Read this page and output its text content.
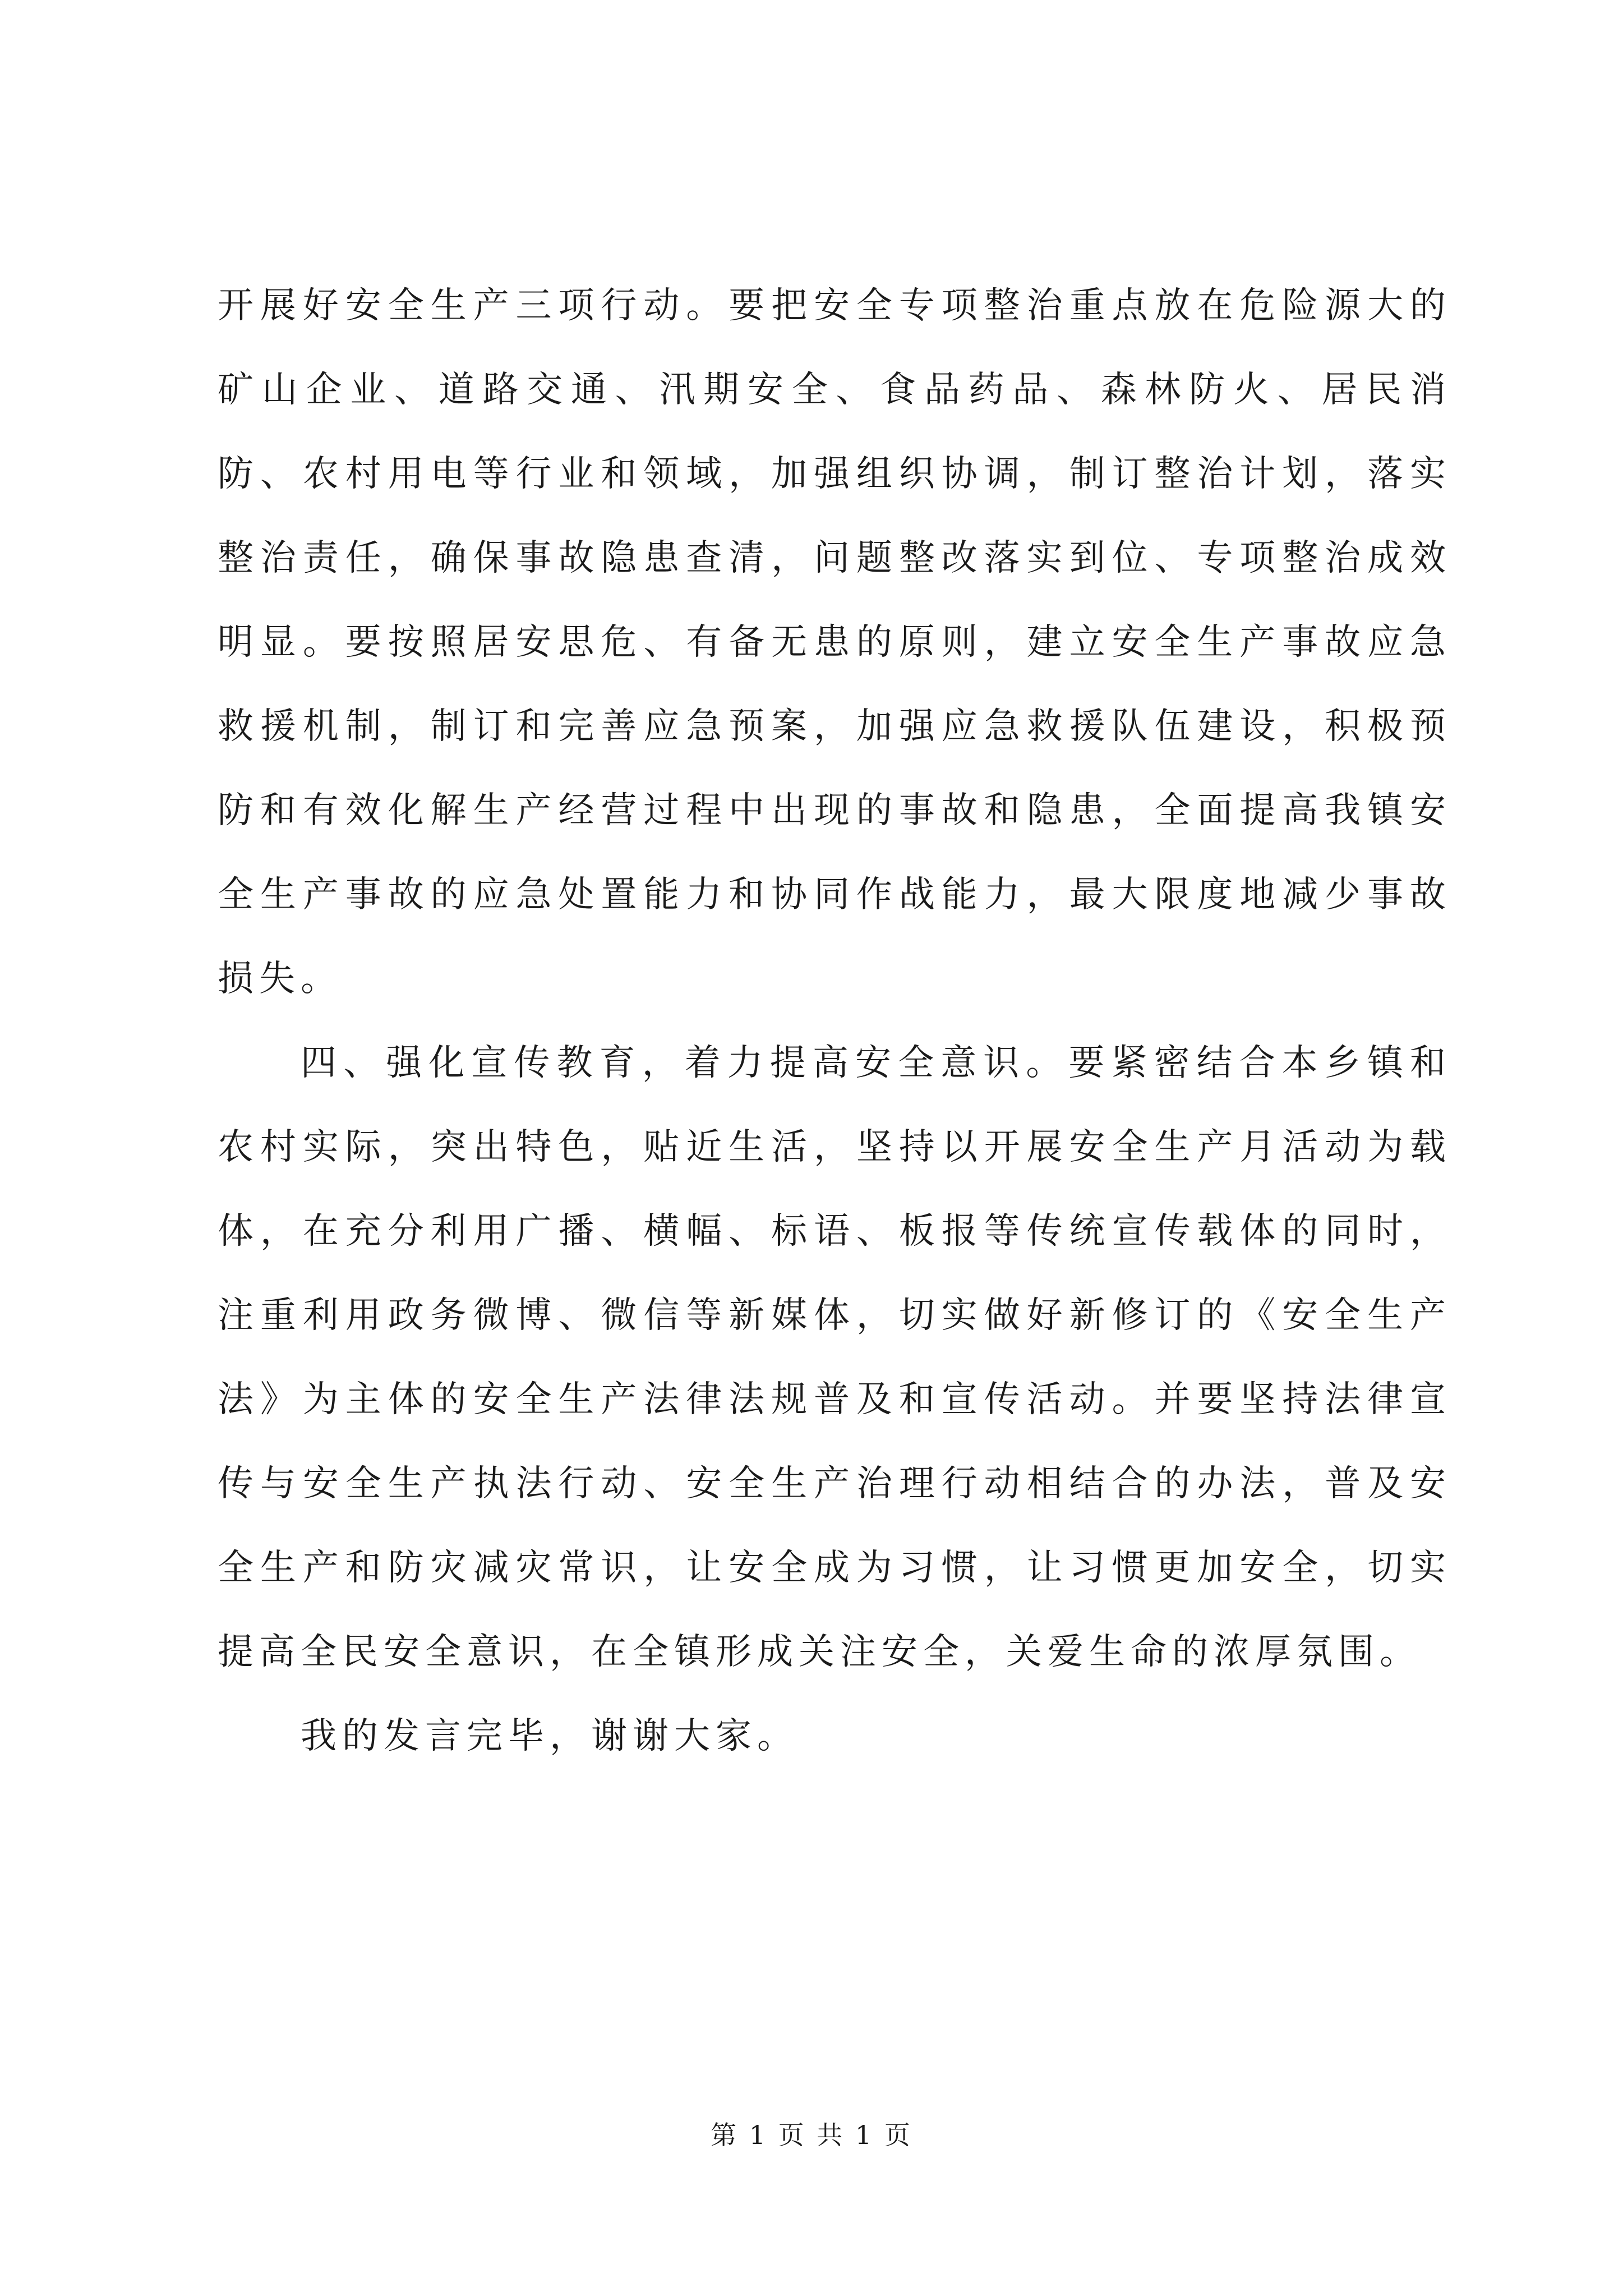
开展好安全生产三项行动。要把安全专项整治重点放在危险源大的矿山企业、道路交通、汛期安全、食品药品、森林防火、居民消防、农村用电等行业和领域，加强组织协调，制订整治计划，落实整治责任，确保事故隐患查清，问题整改落实到位、专项整治成效明显。要按照居安思危、有备无患的原则，建立安全生产事故应急救援机制，制订和完善应急预案，加强应急救援队伍建设，积极预防和有效化解生产经营过程中出现的事故和隐患，全面提高我镇安全生产事故的应急处置能力和协同作战能力，最大限度地减少事故损失。

四、强化宣传教育，着力提高安全意识。要紧密结合本乡镇和农村实际，突出特色，贴近生活，坚持以开展安全生产月活动为载体，在充分利用广播、横幅、标语、板报等传统宣传载体的同时，注重利用政务微博、微信等新媒体，切实做好新修订的《安全生产法》为主体的安全生产法律法规普及和宣传活动。并要坚持法律宣传与安全生产执法行动、安全生产治理行动相结合的办法，普及安全生产和防灾减灾常识，让安全成为习惯，让习惯更加安全，切实提高全民安全意识，在全镇形成关注安全，关爱生命的浓厚氛围。

我的发言完毕，谢谢大家。

第 1 页 共 1 页
